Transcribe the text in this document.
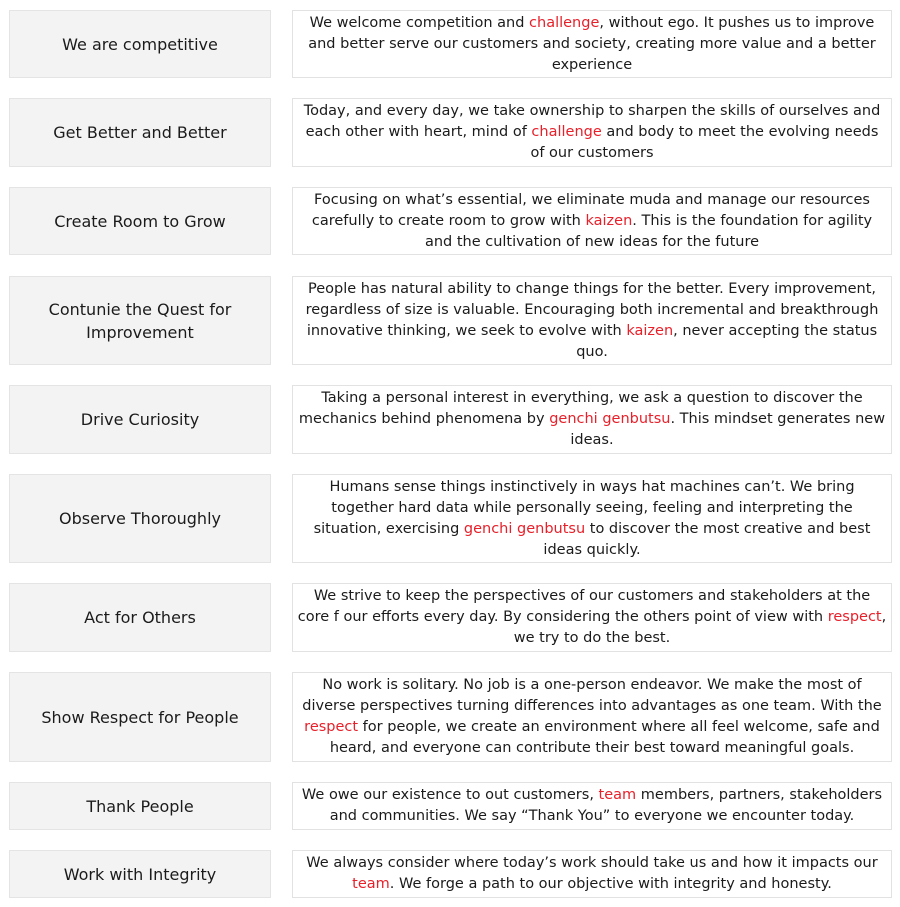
We are competitive
We welcome competition and challenge, without ego. It pushes us to improve and better serve our customers and society, creating more value and a better experience
Get Better and Better
Today, and every day, we take ownership to sharpen the skills of ourselves and each other with heart, mind of challenge and body to meet the evolving needs of our customers
Create Room to Grow
Focusing on what’s essential, we eliminate muda and manage our resources carefully to create room to grow with kaizen. This is the foundation for agility and the cultivation of new ideas for the future
Contunie the Quest for Improvement
People has natural ability to change things for the better. Every improvement, regardless of size is valuable. Encouraging both incremental and breakthrough innovative thinking, we seek to evolve with kaizen, never accepting the status quo.
Drive Curiosity
Taking a personal interest in everything, we ask a question to discover the mechanics behind phenomena by genchi genbutsu. This mindset generates new ideas.
Observe Thoroughly
Humans sense things instinctively in ways hat machines can’t. We bring together hard data while personally seeing, feeling and interpreting the situation, exercising genchi genbutsu to discover the most creative and best ideas quickly.
Act for Others
We strive to keep the perspectives of our customers and stakeholders at the core f our efforts every day. By considering the others point of view with respect, we try to do the best.
Show Respect for People
No work is solitary. No job is a one-person endeavor. We make the most of diverse perspectives turning differences into advantages as one team. With the respect for people, we create an environment where all feel welcome, safe and heard, and everyone can contribute their best toward meaningful goals.
Thank People
We owe our existence to out customers, team members, partners, stakeholders and communities. We say “Thank You” to everyone we encounter today.
Work with Integrity
We always consider where today’s work should take us and how it impacts our team. We forge a path to our objective with integrity and honesty.
